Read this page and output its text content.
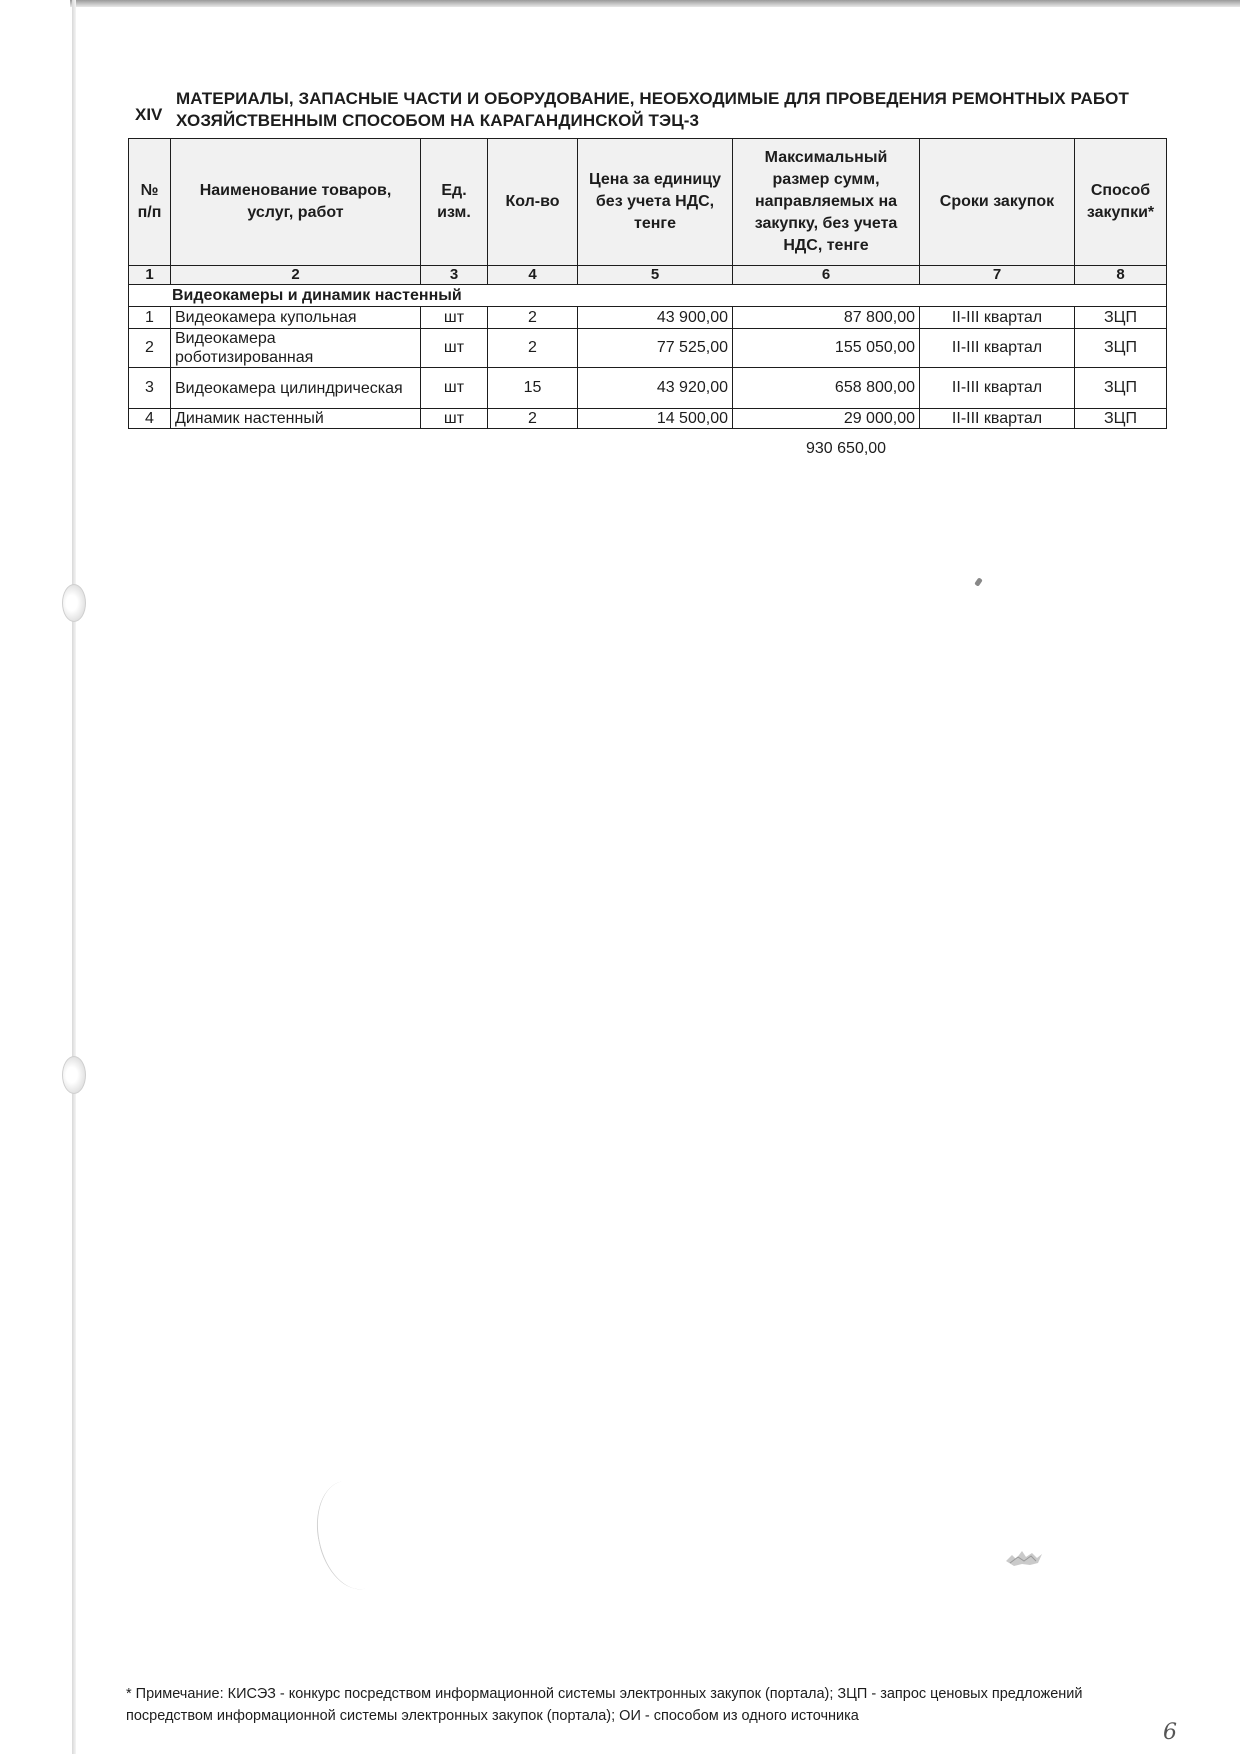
XIV
МАТЕРИАЛЫ, ЗАПАСНЫЕ ЧАСТИ И ОБОРУДОВАНИЕ, НЕОБХОДИМЫЕ ДЛЯ ПРОВЕДЕНИЯ РЕМОНТНЫХ РАБОТ ХОЗЯЙСТВЕННЫМ СПОСОБОМ НА КАРАГАНДИНСКОЙ ТЭЦ-3
№ п/п	Наименование товаров, услуг, работ	Ед. изм.	Кол-во	Цена за единицу без учета НДС, тенге	Максимальный размер сумм, направляемых на закупку, без учета НДС, тенге	Сроки закупок	Способ закупки*
1	2	3	4	5	6	7	8
Видеокамеры и динамик настенный							
1	Видеокамера купольная	шт	2	43 900,00	87 800,00	II-III квартал	ЗЦП
2	Видеокамера роботизированная	шт	2	77 525,00	155 050,00	II-III квартал	ЗЦП
3	Видеокамера цилиндрическая	шт	15	43 920,00	658 800,00	II-III квартал	ЗЦП
4	Динамик настенный	шт	2	14 500,00	29 000,00	II-III квартал	ЗЦП
930 650,00
* Примечание: КИСЭЗ - конкурс посредством информационной системы электронных закупок (портала); ЗЦП - запрос ценовых предложений посредством информационной системы электронных закупок (портала); ОИ - способом из одного источника
6
